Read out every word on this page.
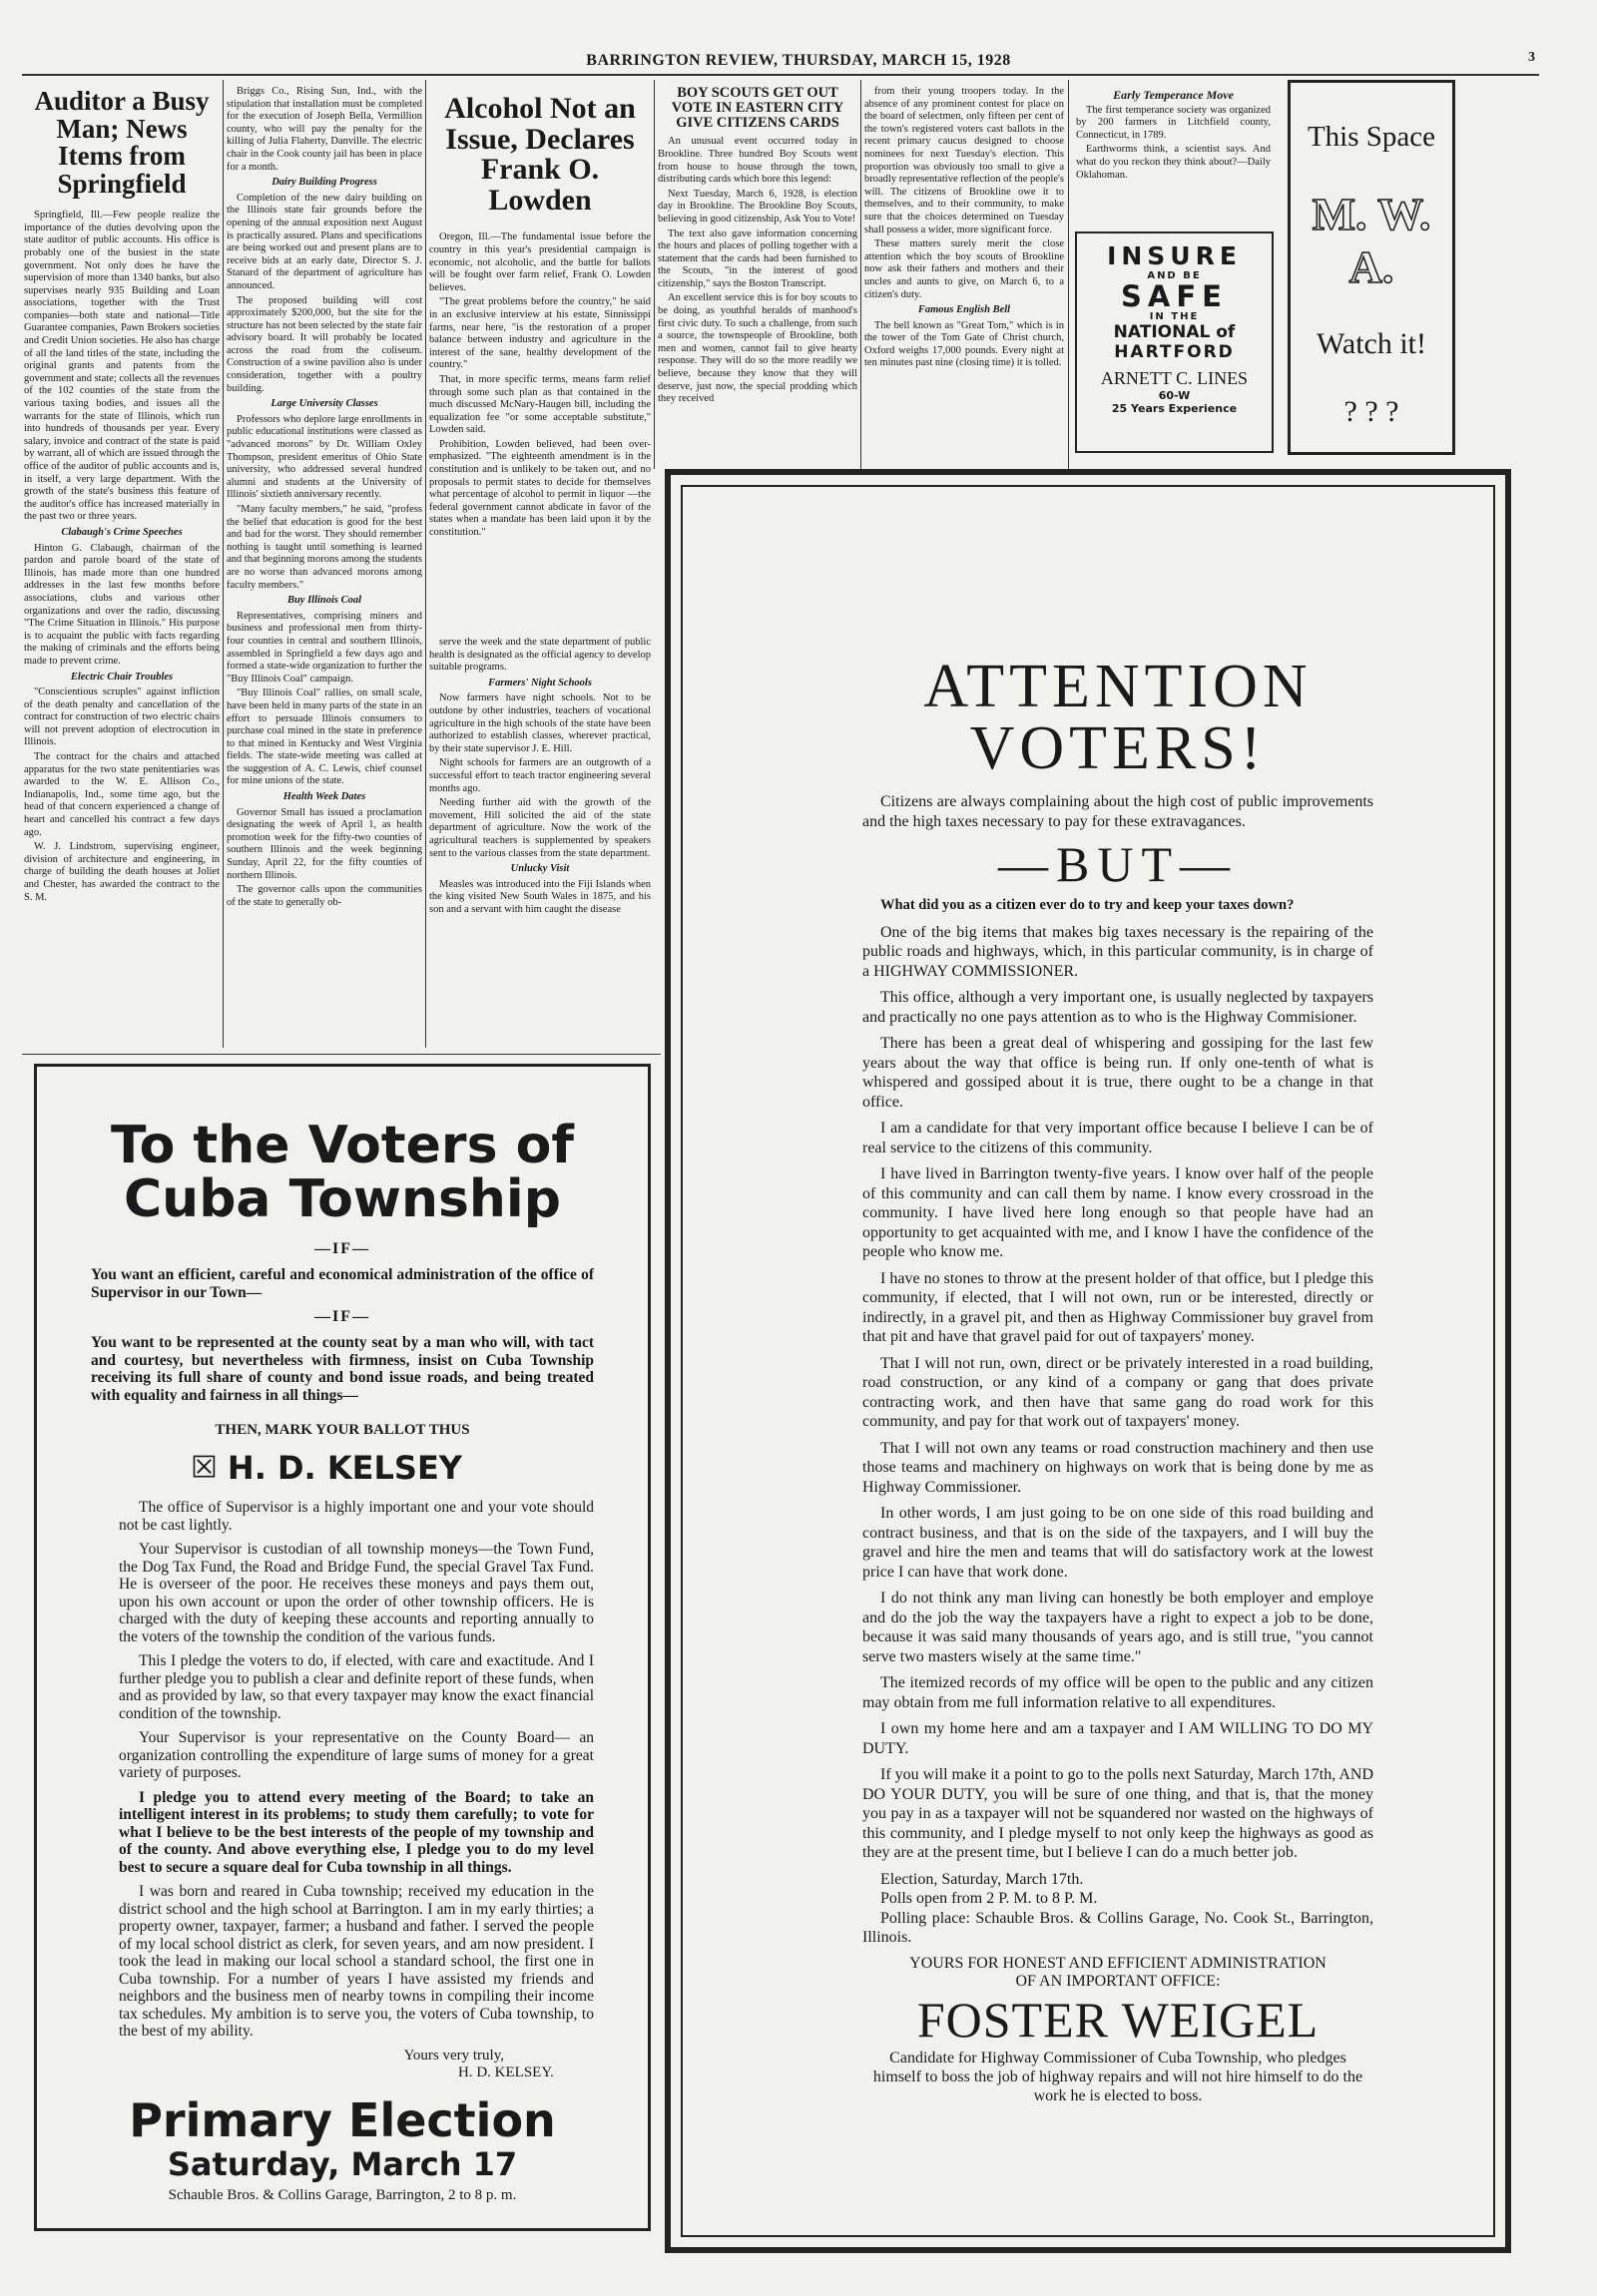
BARRINGTON REVIEW, THURSDAY, MARCH 15, 1928	3
Auditor a Busy Man; News Items from Springfield

Springfield, Ill.—Few people realize the importance of the duties devolving upon the state auditor of public accounts. His office is probably one of the busiest in the state government. Not only does he have the supervision of more than 1340 banks, but also supervises nearly 935 Building and Loan associations, together with the Trust companies—both state and national—Title Guarantee companies, Pawn Brokers societies and Credit Union societies. He also has charge of all the land titles of the state, including the original grants and patents from the government and state; collects all the revenues of the 102 counties of the state from the various taxing bodies, and issues all the warrants for the state of Illinois, which run into hundreds of thousands per year. Every salary, invoice and contract of the state is paid by warrant, all of which are issued through the office of the auditor of public accounts and is, in itself, a very large department. With the growth of the state's business this feature of the auditor's office has increased materially in the past two or three years.

Clabaugh's Crime Speeches

Hinton G. Clabaugh, chairman of the pardon and parole board of the state of Illinois, has made more than one hundred addresses in the last few months before associations, clubs and various other organizations and over the radio, discussing "The Crime Situation in Illinois." His purpose is to acquaint the public with facts regarding the making of criminals and the efforts being made to prevent crime.

Electric Chair Troubles

"Conscientious scruples" against infliction of the death penalty and cancellation of the contract for construction of two electric chairs will not prevent adoption of electrocution in Illinois.

The contract for the chairs and attached apparatus for the two state penitentiaries was awarded to the W. E. Allison Co., Indianapolis, Ind., some time ago, but the head of that concern experienced a change of heart and cancelled his contract a few days ago.

W. J. Lindstrom, supervising engineer, division of architecture and engineering, in charge of building the death houses at Joliet and Chester, has awarded the contract to the S. M.

Briggs Co., Rising Sun, Ind., with the stipulation that installation must be completed for the execution of Joseph Bella, Vermillion county, who will pay the penalty for the killing of Julia Flaherty, Danville. The electric chair in the Cook county jail has been in place for a month.

Dairy Building Progress

Completion of the new dairy building on the Illinois state fair grounds before the opening of the annual exposition next August is practically assured. Plans and specifications are being worked out and present plans are to receive bids at an early date, Director S. J. Stanard of the department of agriculture has announced.

The proposed building will cost approximately $200,000, but the site for the structure has not been selected by the state fair advisory board. It will probably be located across the road from the coliseum. Construction of a swine pavilion also is under consideration, together with a poultry building.

Large University Classes

Professors who deplore large enrollments in public educational institutions were classed as "advanced morons" by Dr. William Oxley Thompson, president emeritus of Ohio State university, who addressed several hundred alumni and students at the University of Illinois' sixtieth anniversary recently.

"Many faculty members," he said, "profess the belief that education is good for the best and bad for the worst. They should remember nothing is taught until something is learned and that beginning morons among the students are no worse than advanced morons among faculty members."

Buy Illinois Coal

Representatives, comprising miners and business and professional men from thirty-four counties in central and southern Illinois, assembled in Springfield a few days ago and formed a state-wide organization to further the "Buy Illinois Coal" campaign.

"Buy Illinois Coal" rallies, on small scale, have been held in many parts of the state in an effort to persuade Illinois consumers to purchase coal mined in the state in preference to that mined in Kentucky and West Virginia fields. The state-wide meeting was called at the suggestion of A. C. Lewis, chief counsel for mine unions of the state.

Health Week Dates

Governor Small has issued a proclamation designating the week of April 1, as health promotion week for the fifty-two counties of southern Illinois and the week beginning Sunday, April 22, for the fifty counties of northern Illinois.

The governor calls upon the communities of the state to generally ob-

Alcohol Not an Issue, Declares Frank O. Lowden

Oregon, Ill.—The fundamental issue before the country in this year's presidential campaign is economic, not alcoholic, and the battle for ballots will be fought over farm relief, Frank O. Lowden believes.

"The great problems before the country," he said in an exclusive interview at his estate, Sinnissippi farms, near here, "is the restoration of a proper balance between industry and agriculture in the interest of the sane, healthy development of the country."

That, in more specific terms, means farm relief through some such plan as that contained in the much discussed McNary-Haugen bill, including the equalization fee "or some acceptable substitute," Lowden said.

Prohibition, Lowden believed, had been over-emphasized. "The eighteenth amendment is in the constitution and is unlikely to be taken out, and no proposals to permit states to decide for themselves what percentage of alcohol to permit in liquor —the federal government cannot abdicate in favor of the states when a mandate has been laid upon it by the constitution."

serve the week and the state department of public health is designated as the official agency to develop suitable programs.

Farmers' Night Schools

Now farmers have night schools. Not to be outdone by other industries, teachers of vocational agriculture in the high schools of the state have been authorized to establish classes, wherever practical, by their state supervisor J. E. Hill.

Night schools for farmers are an outgrowth of a successful effort to teach tractor engineering several months ago.

Needing further aid with the growth of the movement, Hill solicited the aid of the state department of agriculture. Now the work of the agricultural teachers is supplemented by speakers sent to the various classes from the state department.

Unlucky Visit

Measles was introduced into the Fiji Islands when the king visited New South Wales in 1875, and his son and a servant with him caught the disease

BOY SCOUTS GET OUT VOTE IN EASTERN CITY GIVE CITIZENS CARDS

An unusual event occurred today in Brookline. Three hundred Boy Scouts went from house to house through the town, distributing cards which bore this legend:

Next Tuesday, March 6, 1928, is election day in Brookline. The Brookline Boy Scouts, believing in good citizenship, Ask You to Vote!

The text also gave information concerning the hours and places of polling together with a statement that the cards had been furnished to the Scouts, "in the interest of good citizenship," says the Boston Transcript.

An excellent service this is for boy scouts to be doing, as youthful heralds of manhood's first civic duty. To such a challenge, from such a source, the townspeople of Brookline, both men and women, cannot fail to give hearty response. They will do so the more readily we believe, because they know that they will deserve, just now, the special prodding which they received

from their young troopers today. In the absence of any prominent contest for place on the board of selectmen, only fifteen per cent of the town's registered voters cast ballots in the recent primary caucus designed to choose nominees for next Tuesday's election. This proportion was obviously too small to give a broadly representative reflection of the people's will. The citizens of Brookline owe it to themselves, and to their community, to make sure that the choices determined on Tuesday shall possess a wider, more significant force.

These matters surely merit the close attention which the boy scouts of Brookline now ask their fathers and mothers and their uncles and aunts to give, on March 6, to a citizen's duty.

Famous English Bell

The bell known as "Great Tom," which is in the tower of the Tom Gate of Christ church, Oxford weighs 17,000 pounds. Every night at ten minutes past nine (closing time) it is tolled.

Early Temperance Move

The first temperance society was organized by 200 farmers in Litchfield county, Connecticut, in 1789.

Earthworms think, a scientist says. And what do you reckon they think about?—Daily Oklahoman.

INSURE
AND BE
SAFE
IN THE
NATIONAL of
HARTFORD
ARNETT C. LINES
60-W
25 Years Experience
This Space
M. W. A.
Watch it!
? ? ?
To the Voters of Cuba Township
—IF—

You want an efficient, careful and economical administration of the office of Supervisor in our Town—

—IF—

You want to be represented at the county seat by a man who will, with tact and courtesy, but nevertheless with firmness, insist on Cuba Township receiving its full share of county and bond issue roads, and being treated with equality and fairness in all things—

THEN, MARK YOUR BALLOT THUS
☒ H. D. KELSEY

The office of Supervisor is a highly important one and your vote should not be cast lightly.

Your Supervisor is custodian of all township moneys—the Town Fund, the Dog Tax Fund, the Road and Bridge Fund, the special Gravel Tax Fund. He is overseer of the poor. He receives these moneys and pays them out, upon his own account or upon the order of other township officers. He is charged with the duty of keeping these accounts and reporting annually to the voters of the township the condition of the various funds.

This I pledge the voters to do, if elected, with care and exactitude. And I further pledge you to publish a clear and definite report of these funds, when and as provided by law, so that every taxpayer may know the exact financial condition of the township.

Your Supervisor is your representative on the County Board— an organization controlling the expenditure of large sums of money for a great variety of purposes.

I pledge you to attend every meeting of the Board; to take an intelligent interest in its problems; to study them carefully; to vote for what I believe to be the best interests of the people of my township and of the county. And above everything else, I pledge you to do my level best to secure a square deal for Cuba township in all things.

I was born and reared in Cuba township; received my education in the district school and the high school at Barrington. I am in my early thirties; a property owner, taxpayer, farmer; a husband and father. I served the people of my local school district as clerk, for seven years, and am now president. I took the lead in making our local school a standard school, the first one in Cuba township. For a number of years I have assisted my friends and neighbors and the business men of nearby towns in compiling their income tax schedules. My ambition is to serve you, the voters of Cuba township, to the best of my ability.

Yours very truly,
H. D. KELSEY.
Primary Election
Saturday, March 17
Schauble Bros. & Collins Garage, Barrington, 2 to 8 p. m.
ATTENTION
VOTERS!

Citizens are always complaining about the high cost of public improvements and the high taxes necessary to pay for these extravagances.

—BUT—

What did you as a citizen ever do to try and keep your taxes down?

One of the big items that makes big taxes necessary is the repairing of the public roads and highways, which, in this particular community, is in charge of a HIGHWAY COMMISSIONER.

This office, although a very important one, is usually neglected by taxpayers and practically no one pays attention as to who is the Highway Commisioner.

There has been a great deal of whispering and gossiping for the last few years about the way that office is being run. If only one-tenth of what is whispered and gossiped about it is true, there ought to be a change in that office.

I am a candidate for that very important office because I believe I can be of real service to the citizens of this community.

I have lived in Barrington twenty-five years. I know over half of the people of this community and can call them by name. I know every crossroad in the community. I have lived here long enough so that people have had an opportunity to get acquainted with me, and I know I have the confidence of the people who know me.

I have no stones to throw at the present holder of that office, but I pledge this community, if elected, that I will not own, run or be interested, directly or indirectly, in a gravel pit, and then as Highway Commissioner buy gravel from that pit and have that gravel paid for out of taxpayers' money.

That I will not run, own, direct or be privately interested in a road building, road construction, or any kind of a company or gang that does private contracting work, and then have that same gang do road work for this community, and pay for that work out of taxpayers' money.

That I will not own any teams or road construction machinery and then use those teams and machinery on highways on work that is being done by me as Highway Commissioner.

In other words, I am just going to be on one side of this road building and contract business, and that is on the side of the taxpayers, and I will buy the gravel and hire the men and teams that will do satisfactory work at the lowest price I can have that work done.

I do not think any man living can honestly be both employer and employe and do the job the way the taxpayers have a right to expect a job to be done, because it was said many thousands of years ago, and is still true, "you cannot serve two masters wisely at the same time."

The itemized records of my office will be open to the public and any citizen may obtain from me full information relative to all expenditures.

I own my home here and am a taxpayer and I AM WILLING TO DO MY DUTY.

If you will make it a point to go to the polls next Saturday, March 17th, AND DO YOUR DUTY, you will be sure of one thing, and that is, that the money you pay in as a taxpayer will not be squandered nor wasted on the highways of this community, and I pledge myself to not only keep the highways as good as they are at the present time, but I believe I can do a much better job.

Election, Saturday, March 17th.

Polls open from 2 P. M. to 8 P. M.

Polling place: Schauble Bros. & Collins Garage, No. Cook St., Barrington, Illinois.

YOURS FOR HONEST AND EFFICIENT ADMINISTRATION OF AN IMPORTANT OFFICE:
FOSTER WEIGEL
Candidate for Highway Commissioner of Cuba Township, who pledges himself to boss the job of highway repairs and will not hire himself to do the work he is elected to boss.
